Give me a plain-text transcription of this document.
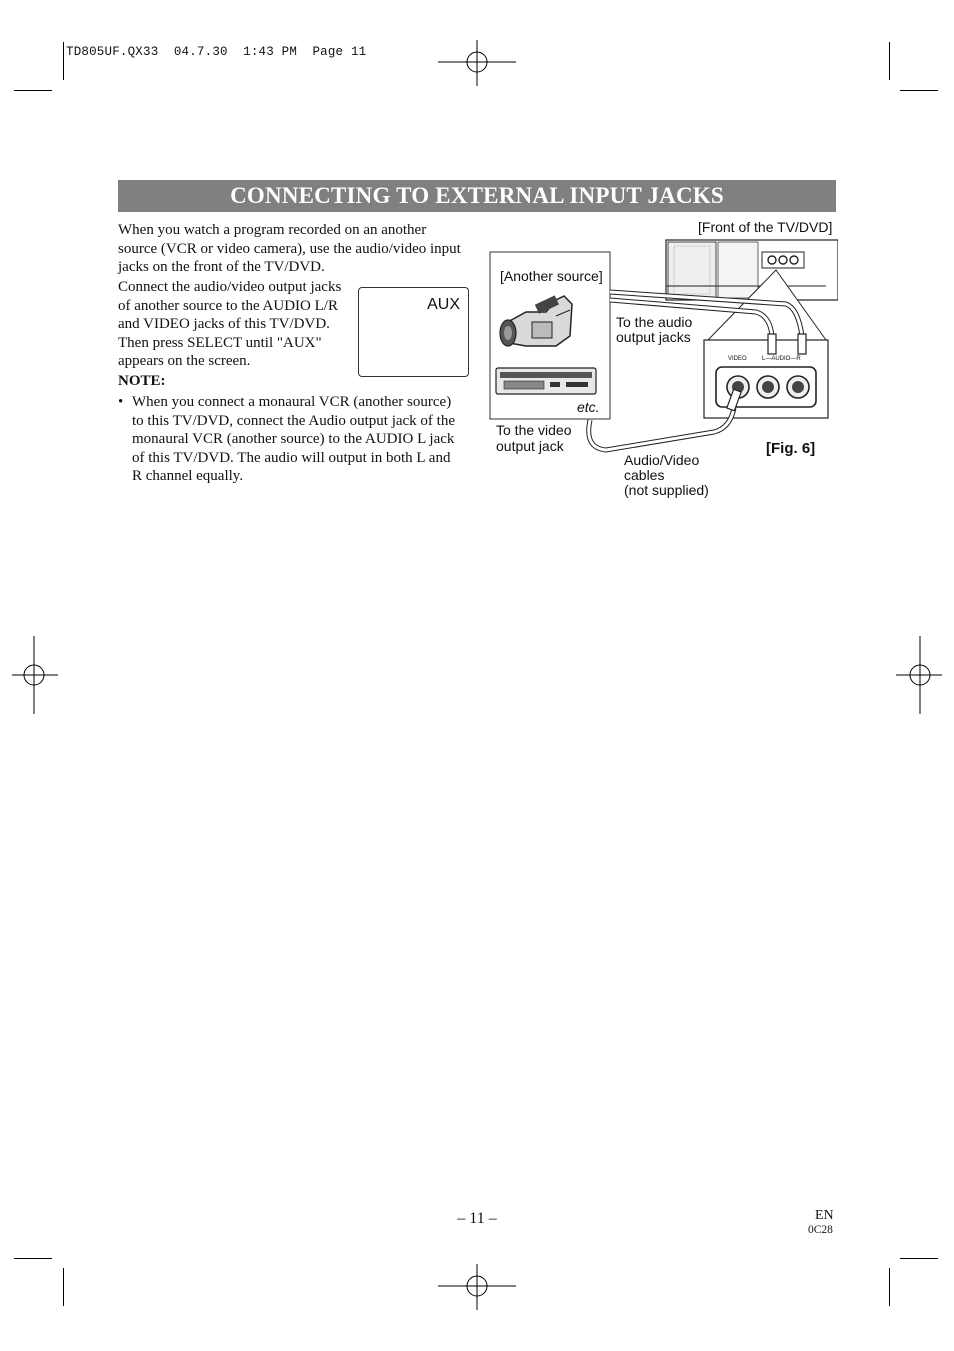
TD805UF.QX33  04.7.30  1:43 PM  Page 11
CONNECTING TO EXTERNAL INPUT JACKS
When you watch a program recorded on an another source (VCR or video camera), use the audio/video input jacks on the front of the TV/DVD.
Connect the audio/video output jacks of another source to the AUDIO L/R and VIDEO jacks of this TV/DVD. Then press SELECT until "AUX" appears on the screen.
AUX
NOTE:
• When you connect a monaural VCR (another source) to this TV/DVD, connect the Audio output jack of the monaural VCR (another source) to the AUDIO L jack of this TV/DVD. The audio will output in both L and R channel equally.
[Front of the TV/DVD]
[Another source]
etc.
To the audio
output jacks
To the video
output jack
Audio/Video
cables
(not supplied)
[Fig. 6]
VIDEO	L—AUDIO—R
– 11 –	EN
0C28
